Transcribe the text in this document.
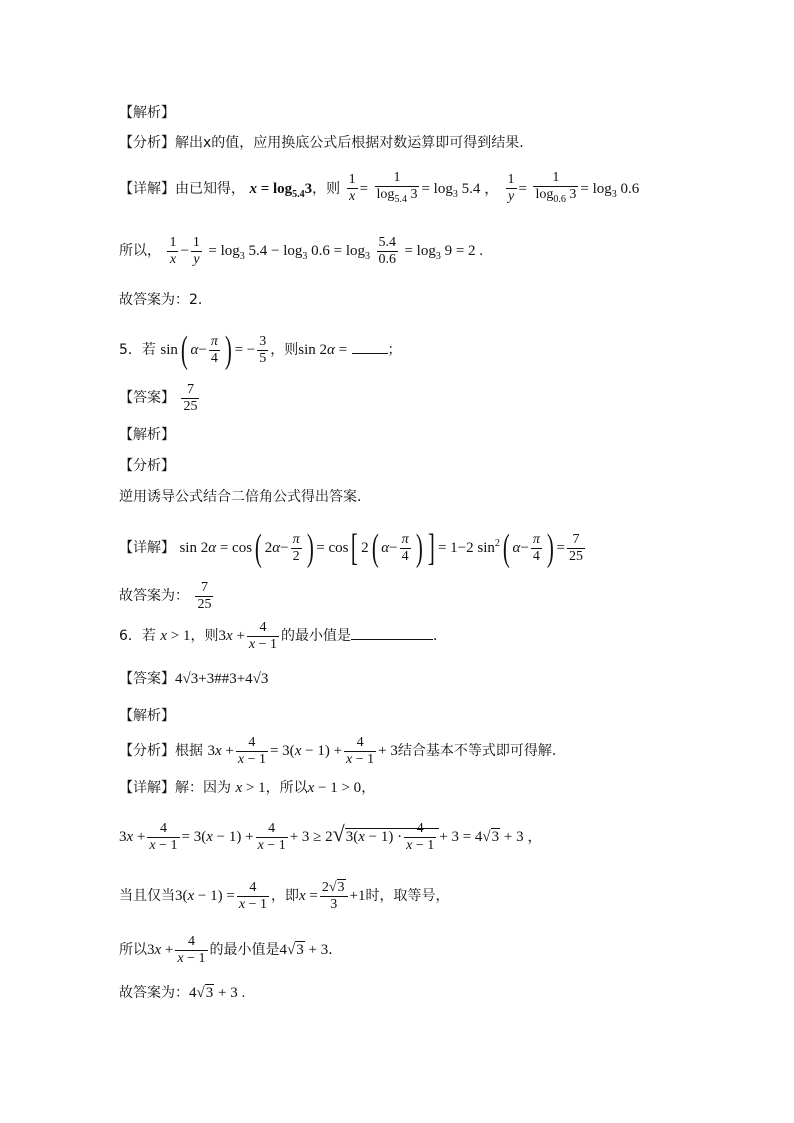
【解析】
【分析】解出x的值，应用换底公式后根据对数运算即可得到结果.
【详解】由已知得， $x = \log_{5.4}3$，则 $\frac{1}{x} = \frac{1}{\log_{5.4} 3} = \log_3 5.4$ ， $\frac{1}{y} = \frac{1}{\log_{0.6} 3} = \log_3 0.6$
所以， $\frac{1}{x} - \frac{1}{y} = \log_3 5.4 - \log_3 0.6 = \log_3 \frac{5.4}{0.6} = \log_3 9 = 2$ .
故答案为：2.
5．若 sin( $\alpha- \frac{\pi}{4}$ ) = − $\frac{3}{5}$ ，则sin 2α =	；
【答案】 $\frac{7}{25}$
【解析】
【分析】
逆用诱导公式结合二倍角公式得出答案.
【详解】 sin 2α = cos( $2\alpha- \frac{\pi}{2}$ ) = cos[ 2( $\alpha- \frac{\pi}{4}$ ) ] = 1−2 $\sin^2$( $\alpha- \frac{\pi}{4}$ ) = $\frac{7}{25}$
故答案为： $\frac{7}{25}$
6．若 x > 1，则$3x + \frac{4}{x - 1}$ 的最小值是	．
【答案】4√3+3##3+4√3
【解析】
【分析】根据 $3x + \frac{4}{x - 1} = 3(x - 1) + \frac{4}{x - 1} + 3$结合基本不等式即可得解.
【详解】解：因为 x > 1，所以x − 1 > 0，
$3x + \frac{4}{x - 1} = 3(x - 1) + \frac{4}{x - 1} + 3 \ge 2√3(x - 1) \cdot \frac{4}{x - 1} + 3 = 4√3 + 3$ ，
当且仅当$3(x - 1) = \frac{4}{x - 1}$ ，即$x = \frac{2√3}{3} +1$时，取等号，
所以$3x + \frac{4}{x - 1}$ 的最小值是4√3 + 3．
故答案为：4√3 + 3 .
